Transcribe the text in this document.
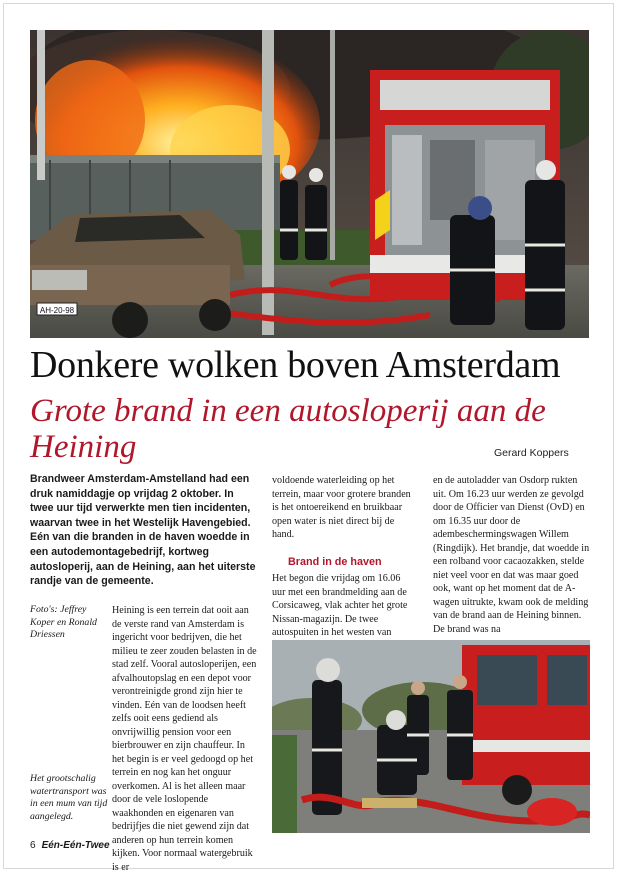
AH-20-98
Donkere wolken boven Amsterdam
Grote brand in een autosloperij aan de Heining	Gerard Koppers
Brandweer Amsterdam-Amstelland had een druk namiddagje op vrijdag 2 oktober. In twee uur tijd verwerkte men tien incidenten, waarvan twee in het Westelijk Havengebied. Eén van die branden in de haven woedde in een autodemontagebedrijf, kortweg autosloperij, aan de Heining, aan het uiterste randje van de gemeente.
Foto's: Jeffrey Koper en Ronald Driessen
Het grootschalig watertransport was in een mum van tijd aangelegd.
Heining is een terrein dat ooit aan de verste rand van Amsterdam is ingericht voor bedrijven, die het milieu te zeer zouden belasten in de stad zelf. Vooral autosloperijen, een afvalhoutopslag en een depot voor verontreinigde grond zijn hier te vinden. Eén van de loodsen heeft zelfs ooit eens gediend als onvrijwillig pension voor een bierbrouwer en zijn chauffeur. In het begin is er veel gedoogd op het terrein en nog kan het onguur overkomen. Al is het alleen maar door de vele loslopende waakhonden en eigenaren van bedrijfjes die niet gewend zijn dat anderen op hun terrein komen kijken. Voor normaal watergebruik is er
voldoende waterleiding op het terrein, maar voor grotere branden is het ontoereikend en bruikbaar open water is niet direct bij de hand.
Brand in de haven
Het begon die vrijdag om 16.06 uur met een brandmelding aan de Corsicaweg, vlak achter het grote Nissan-magazijn. De twee autospuiten in het westen van
en de autoladder van Osdorp rukten uit. Om 16.23 uur werden ze gevolgd door de Officier van Dienst (OvD) en om 16.35 uur door de adembeschermingswagen Willem (Ringdijk). Het brandje, dat woedde in een rolband voor cacaozakken, stelde niet veel voor en dat was maar goed ook, want op het moment dat de A-wagen uitrukte, kwam ook de melding van de brand aan de Heining binnen. De brand was na
6 Eén-Eén-Twee
